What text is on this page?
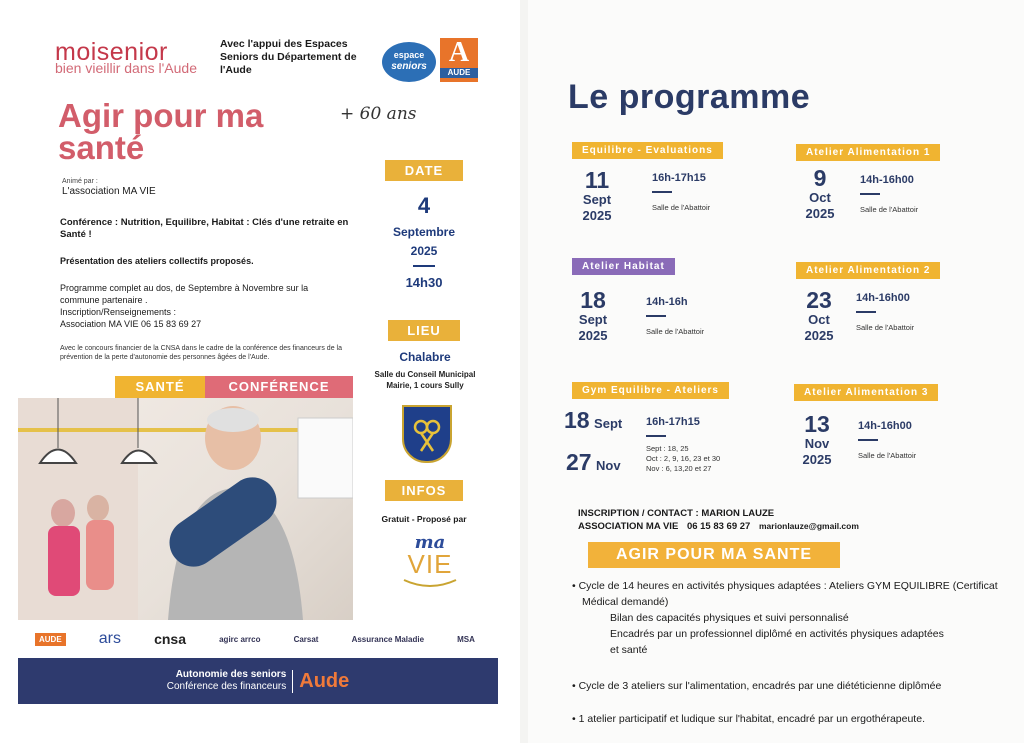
moisenior
bien vieillir dans l'Aude
Avec l'appui des Espaces Seniors du Département de l'Aude
espace
seniors A
AUDE
Agir pour ma santé
+ 60 ans
Animé par :
L'association MA VIE
Conférence : Nutrition, Equilibre, Habitat : Clés d'une retraite en Santé !
Présentation des ateliers collectifs proposés.
Programme complet au dos, de Septembre à Novembre sur la
commune partenaire .
Inscription/Renseignements :
Association MA VIE 06 15 83 69 27
Avec le concours financier de la CNSA dans le cadre de la conférence des financeurs de la prévention de la perte d'autonomie des personnes âgées de l'Aude.
DATE
4
Septembre
2025
14h30
LIEU
Chalabre
Salle du Conseil Municipal
Mairie, 1 cours Sully
SANTÉ	CONFÉRENCE
INFOS
Gratuit - Proposé par
ma
VIE
AUDE ars cnsa	agirc arrco	Carsat	Assurance Maladie	MSA
Autonomie des seniors
Conférence des financeurs Aude
Le programme
Equilibre - Evaluations
11
Sept
2025
16h-17h15
Salle de l'Abattoir
Atelier Alimentation 1
9
Oct
2025
14h-16h00
Salle de l'Abattoir
Atelier Habitat
18
Sept
2025
14h-16h
Salle de l'Abattoir
Atelier Alimentation 2
23
Oct
2025
14h-16h00
Salle de l'Abattoir
Gym Equilibre - Ateliers
18 Sept
27 Nov
16h-17h15
Sept : 18, 25
Oct : 2, 9, 16, 23 et 30
Nov : 6, 13,20 et 27
Atelier Alimentation 3
13
Nov
2025
14h-16h00
Salle de l'Abattoir
INSCRIPTION / CONTACT : MARION LAUZE
ASSOCIATION MA VIE 06 15 83 69 27 marionlauze@gmail.com
AGIR POUR MA SANTE
• Cycle de 14 heures en activités physiques adaptées : Ateliers GYM EQUILIBRE (Certificat Médical demandé)
Bilan des capacités physiques et suivi personnalisé
Encadrés par un professionnel diplômé en activités physiques adaptées et santé
• Cycle de 3 ateliers sur l'alimentation, encadrés par une diététicienne diplômée
• 1 atelier participatif et ludique sur l'habitat, encadré par un ergothérapeute.
